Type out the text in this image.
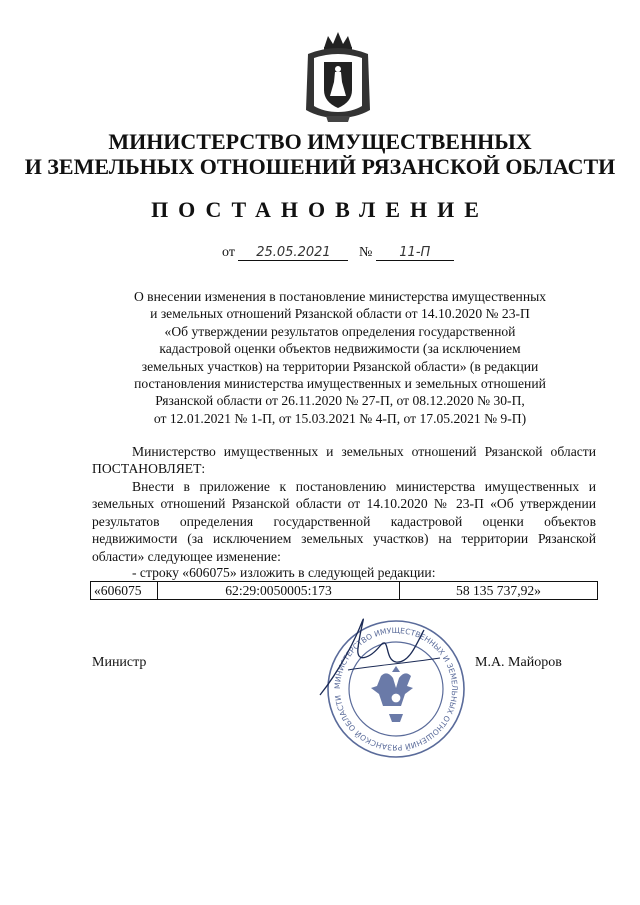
МИНИСТЕРСТВО ИМУЩЕСТВЕННЫХ
И ЗЕМЕЛЬНЫХ ОТНОШЕНИЙ РЯЗАНСКОЙ ОБЛАСТИ
ПОСТАНОВЛЕНИЕ
от 25.05.2021 № 11-П
О внесении изменения в постановление министерства имущественных
и земельных отношений Рязанской области от 14.10.2020 № 23-П
«Об утверждении результатов определения государственной
кадастровой оценки объектов недвижимости (за исключением
земельных участков) на территории Рязанской области» (в редакции
постановления министерства имущественных и земельных отношений
Рязанской области от 26.11.2020 № 27-П, от 08.12.2020 № 30-П,
от 12.01.2021 № 1-П, от 15.03.2021 № 4-П, от 17.05.2021 № 9-П)
Министерство имущественных и земельных отношений Рязанской области ПОСТАНОВЛЯЕТ:
Внести в приложение к постановлению министерства имущественных и земельных отношений Рязанской области от 14.10.2020 № 23-П «Об утверждении результатов определения государственной кадастровой оценки объектов недвижимости (за исключением земельных участков) на территории Рязанской области» следующее изменение:
- строку «606075» изложить в следующей редакции:
«606075	62:29:0050005:173	58 135 737,92»
Министр	М.А. Майоров
МИНИСТЕРСТВО ИМУЩЕСТВЕННЫХ И ЗЕМЕЛЬНЫХ ОТНОШЕНИЙ РЯЗАНСКОЙ ОБЛАСТИ
